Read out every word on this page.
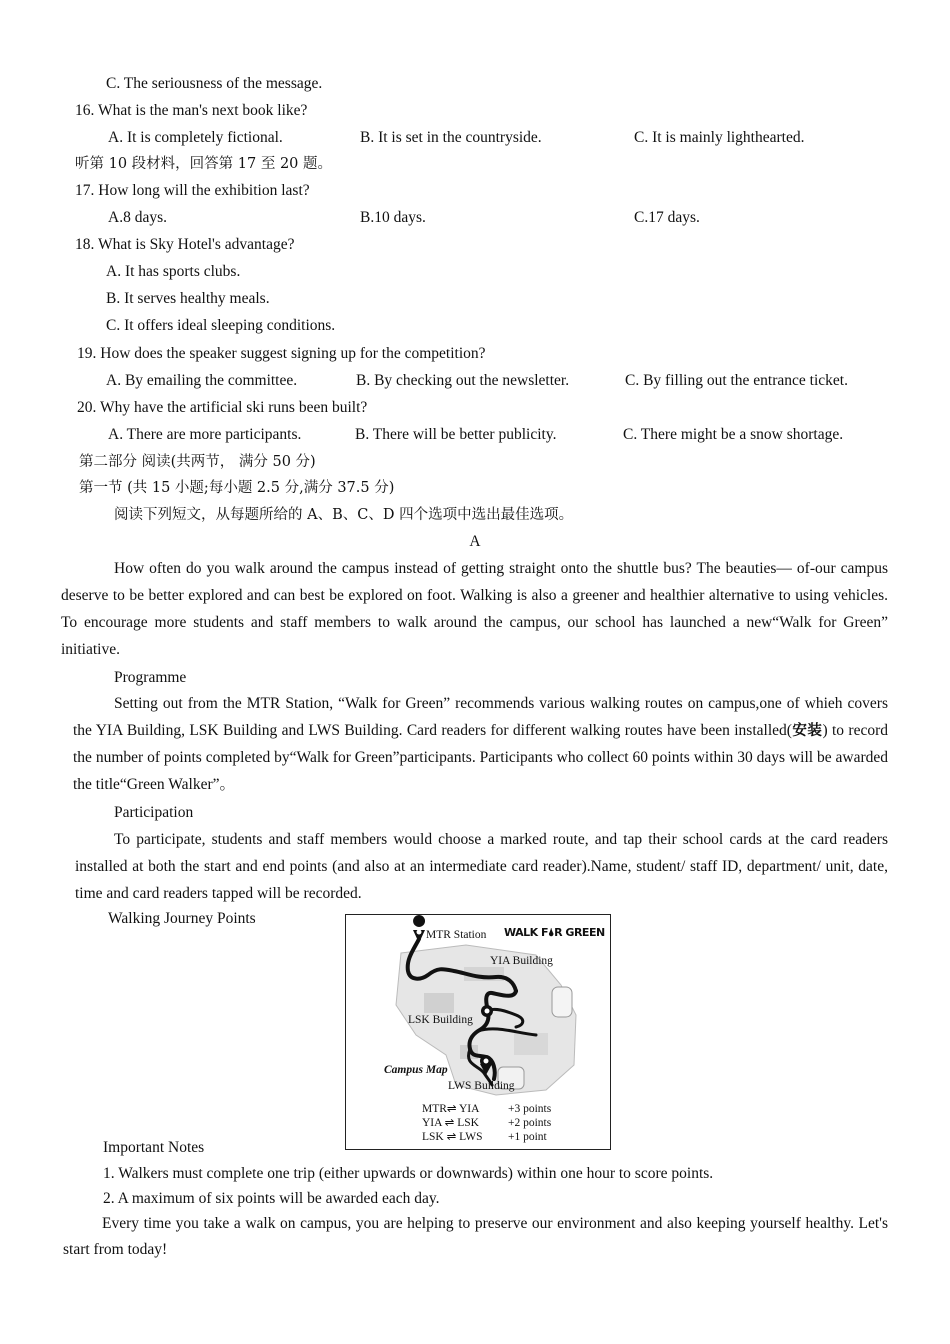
C. The seriousness of the message.
16. What is the man's next book like?
A. It is completely fictional.	B. It is set in the countryside.	C. It is mainly lighthearted.
听第 10 段材料，回答第 17 至 20 题。
17. How long will the exhibition last?
A.8 days.	B.10 days.	C.17 days.
18. What is Sky Hotel's advantage?
A. It has sports clubs.
B. It serves healthy meals.
C. It offers ideal sleeping conditions.
19. How does the speaker suggest signing up for the competition?
A. By emailing the committee.	B. By checking out the newsletter.	C. By filling out the entrance ticket.
20. Why have the artificial ski runs been built?
A. There are more participants.	B. There will be better publicity.	C. There might be a snow shortage.
第二部分 阅读(共两节， 满分 50 分)
第一节 (共 15 小题;每小题 2.5 分,满分 37.5 分)
阅读下列短文，从每题所给的 A、B、C、D 四个选项中选出最佳选项。
A
How often do you walk around the campus instead of getting straight onto the shuttle bus? The beauties— of-our campus deserve to be better explored and can best be explored on foot. Walking is also a greener and healthier alternative to using vehicles. To encourage more students and staff members to walk around the campus, our school has launched a new“Walk for Green” initiative.
Programme
Setting out from the MTR Station, “Walk for Green” recommends various walking routes on campus,one of whieh covers the YIA Building, LSK Building and LWS Building. Card readers for different walking routes have been installed(安装) to record the number of points completed by“Walk for Green”participants. Participants who collect 60 points within 30 days will be awarded the title“Green Walker”。
Participation
To participate, students and staff members would choose a marked route, and tap their school cards at the card readers installed at both the start and end points (and also at an intermediate card reader).Name, student/ staff ID, department/ unit, date, time and card readers tapped will be recorded.
Walking Journey Points
MTR Station WALK F🌢R GREEN
YIA Building
LSK Building
Campus Map
LWS Building
MTR⇌ YIA +3 points
YIA ⇌ LSK	+2 points
LSK ⇌ LWS +1 point
Important Notes
1. Walkers must complete one trip (either upwards or downwards) within one hour to score points.
2. A maximum of six points will be awarded each day.
Every time you take a walk on campus, you are helping to preserve our environment and also keeping yourself healthy. Let's start from today!
